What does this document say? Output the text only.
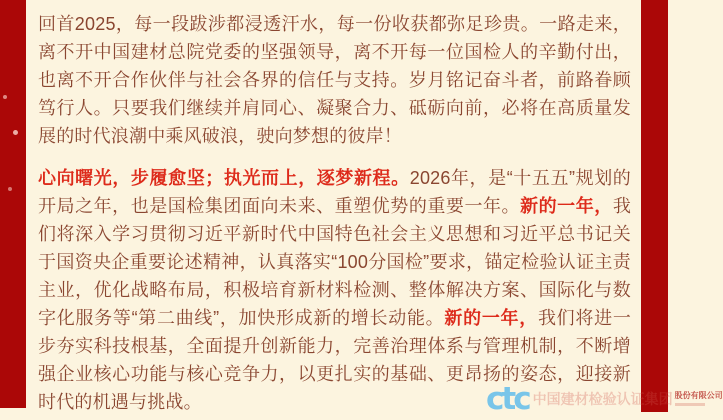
回首2025，每一段跋涉都浸透汗水，每一份收获都弥足珍贵。一路走来，离不开中国建材总院党委的坚强领导，离不开每一位国检人的辛勤付出，也离不开合作伙伴与社会各界的信任与支持。岁月铭记奋斗者，前路眷顾笃行人。只要我们继续并肩同心、凝聚合力、砥砺向前，必将在高质量发展的时代浪潮中乘风破浪，驶向梦想的彼岸！

心向曙光，步履愈坚；执光而上，逐梦新程。2026年，是“十五五”规划的开局之年，也是国检集团面向未来、重塑优势的重要一年。新的一年，我们将深入学习贯彻习近平新时代中国特色社会主义思想和习近平总书记关于国资央企重要论述精神，认真落实“100分国检”要求，锚定检验认证主责主业，优化战略布局，积极培育新材料检测、整体解决方案、国际化与数字化服务等“第二曲线”，加快形成新的增长动能。新的一年，我们将进一步夯实科技根基，全面提升创新能力，完善治理体系与管理机制，不断增强企业核心功能与核心竞争力，以更扎实的基础、更昂扬的姿态，迎接新时代的机遇与挑战。	ctc 中国建材检验认证集团 股份有限公司
